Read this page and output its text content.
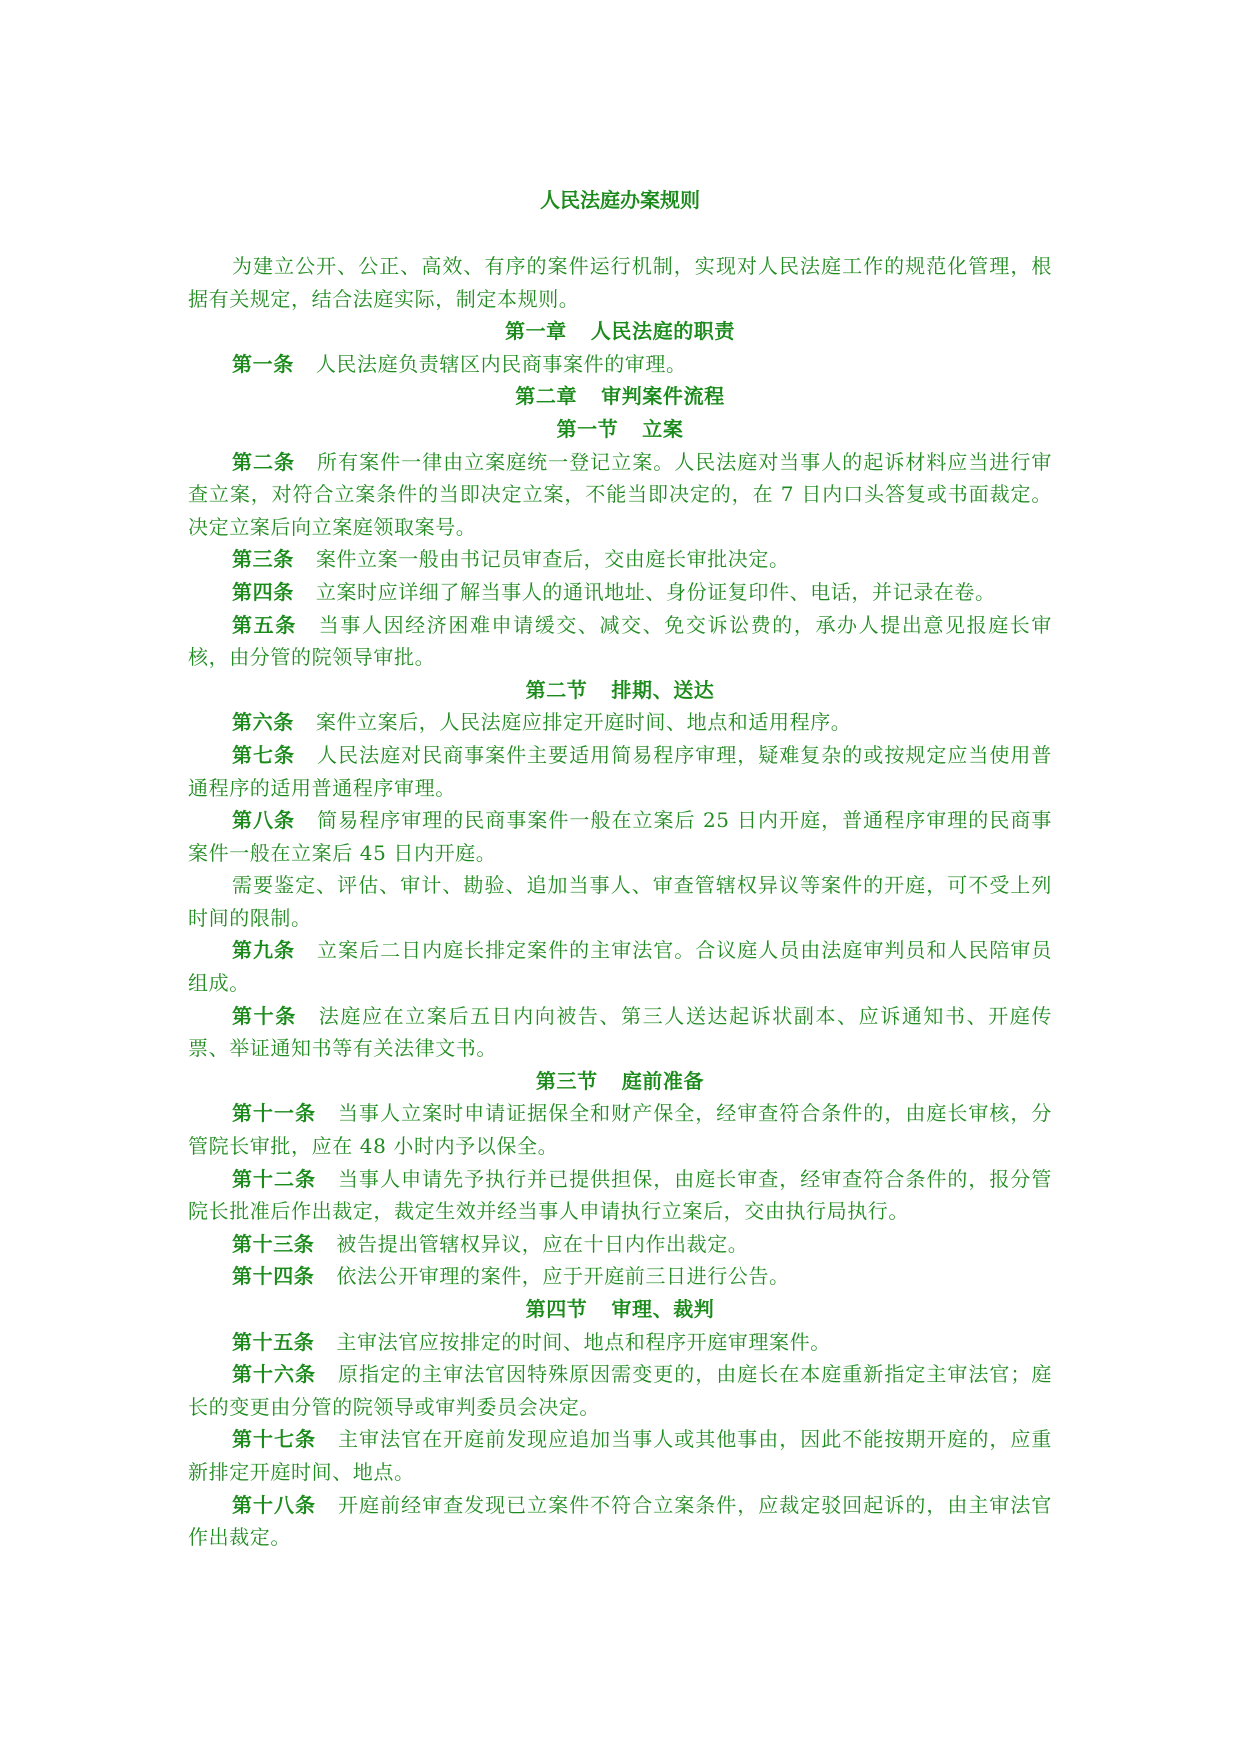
人民法庭办案规则

为建立公开、公正、高效、有序的案件运行机制，实现对人民法庭工作的规范化管理，根据有关规定，结合法庭实际，制定本规则。

第一章 人民法庭的职责

第一条 人民法庭负责辖区内民商事案件的审理。

第二章 审判案件流程

第一节 立案

第二条 所有案件一律由立案庭统一登记立案。人民法庭对当事人的起诉材料应当进行审查立案，对符合立案条件的当即决定立案，不能当即决定的，在 7 日内口头答复或书面裁定。决定立案后向立案庭领取案号。

第三条 案件立案一般由书记员审查后，交由庭长审批决定。

第四条 立案时应详细了解当事人的通讯地址、身份证复印件、电话，并记录在卷。

第五条 当事人因经济困难申请缓交、减交、免交诉讼费的，承办人提出意见报庭长审核，由分管的院领导审批。

第二节 排期、送达

第六条 案件立案后，人民法庭应排定开庭时间、地点和适用程序。

第七条 人民法庭对民商事案件主要适用简易程序审理，疑难复杂的或按规定应当使用普通程序的适用普通程序审理。

第八条 简易程序审理的民商事案件一般在立案后 25 日内开庭，普通程序审理的民商事案件一般在立案后 45 日内开庭。

需要鉴定、评估、审计、勘验、追加当事人、审查管辖权异议等案件的开庭，可不受上列时间的限制。

第九条 立案后二日内庭长排定案件的主审法官。合议庭人员由法庭审判员和人民陪审员组成。

第十条 法庭应在立案后五日内向被告、第三人送达起诉状副本、应诉通知书、开庭传票、举证通知书等有关法律文书。

第三节 庭前准备

第十一条 当事人立案时申请证据保全和财产保全，经审查符合条件的，由庭长审核，分管院长审批，应在 48 小时内予以保全。

第十二条 当事人申请先予执行并已提供担保，由庭长审查，经审查符合条件的，报分管院长批准后作出裁定，裁定生效并经当事人申请执行立案后，交由执行局执行。

第十三条 被告提出管辖权异议，应在十日内作出裁定。

第十四条 依法公开审理的案件，应于开庭前三日进行公告。

第四节 审理、裁判

第十五条 主审法官应按排定的时间、地点和程序开庭审理案件。

第十六条 原指定的主审法官因特殊原因需变更的，由庭长在本庭重新指定主审法官；庭长的变更由分管的院领导或审判委员会决定。

第十七条 主审法官在开庭前发现应追加当事人或其他事由，因此不能按期开庭的，应重新排定开庭时间、地点。

第十八条 开庭前经审查发现已立案件不符合立案条件，应裁定驳回起诉的，由主审法官作出裁定。
